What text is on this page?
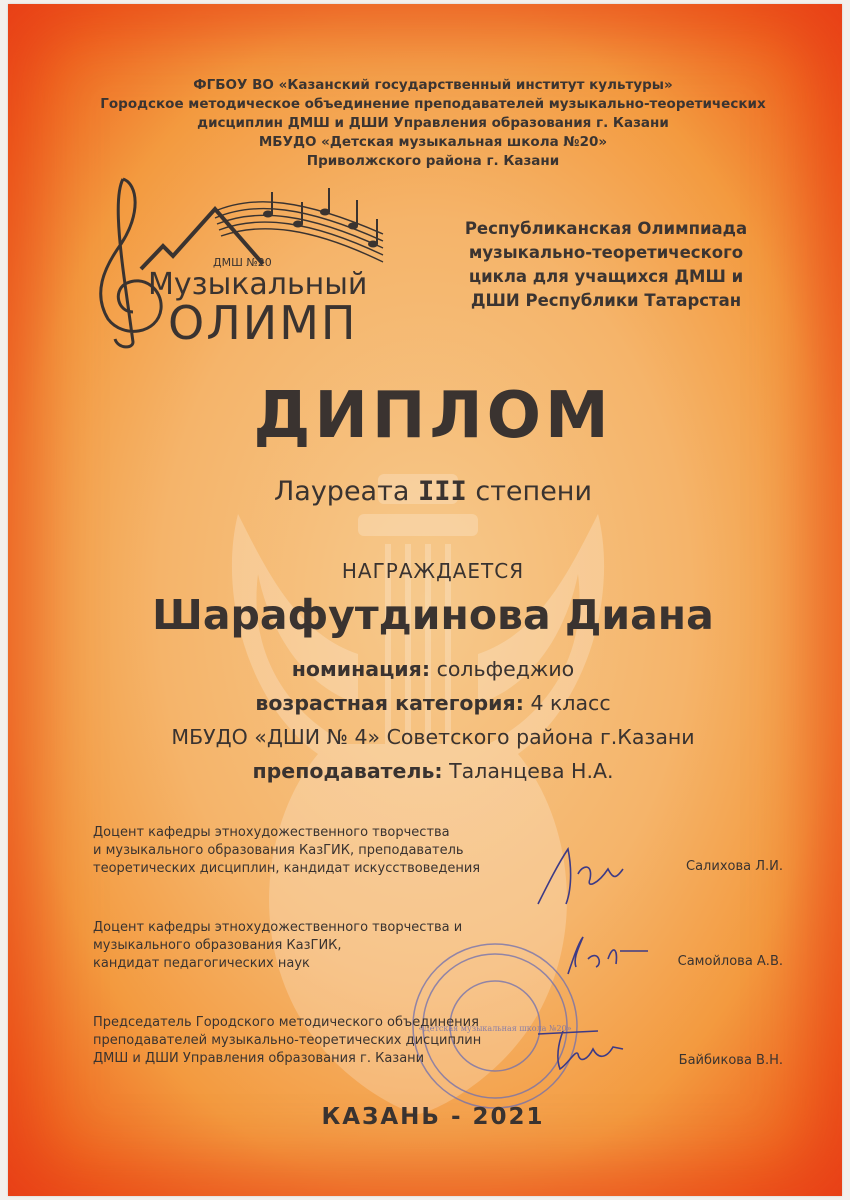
ФГБОУ ВО «Казанский государственный институт культуры»
Городское методическое объединение преподавателей музыкально-теоретических
дисциплин ДМШ и ДШИ Управления образования г. Казани
МБУДО «Детская музыкальная школа №20»
Приволжского района г. Казани
ДМШ №20
Музыкальный
ОЛИМП
Республиканская Олимпиада
музыкально-теоретического
цикла для учащихся ДМШ и
ДШИ Республики Татарстан
ДИПЛОМ
Лауреата III степени
НАГРАЖДАЕТСЯ
Шарафутдинова Диана
номинация: сольфеджио
возрастная категория: 4 класс
МБУДО «ДШИ № 4» Советского района г.Казани
преподаватель: Таланцева Н.А.
«Детская музыкальная школа №20»
Доцент кафедры этнохудожественного творчества
и музыкального образования КазГИК, преподаватель
теоретических дисциплин, кандидат искусствоведения	Салихова Л.И.
Доцент кафедры этнохудожественного творчества и
музыкального образования КазГИК,
кандидат педагогических наук	Самойлова А.В.
Председатель Городского методического объединения
преподавателей музыкально-теоретических дисциплин
ДМШ и ДШИ Управления образования г. Казани	Байбикова В.Н.
КАЗАНЬ - 2021
